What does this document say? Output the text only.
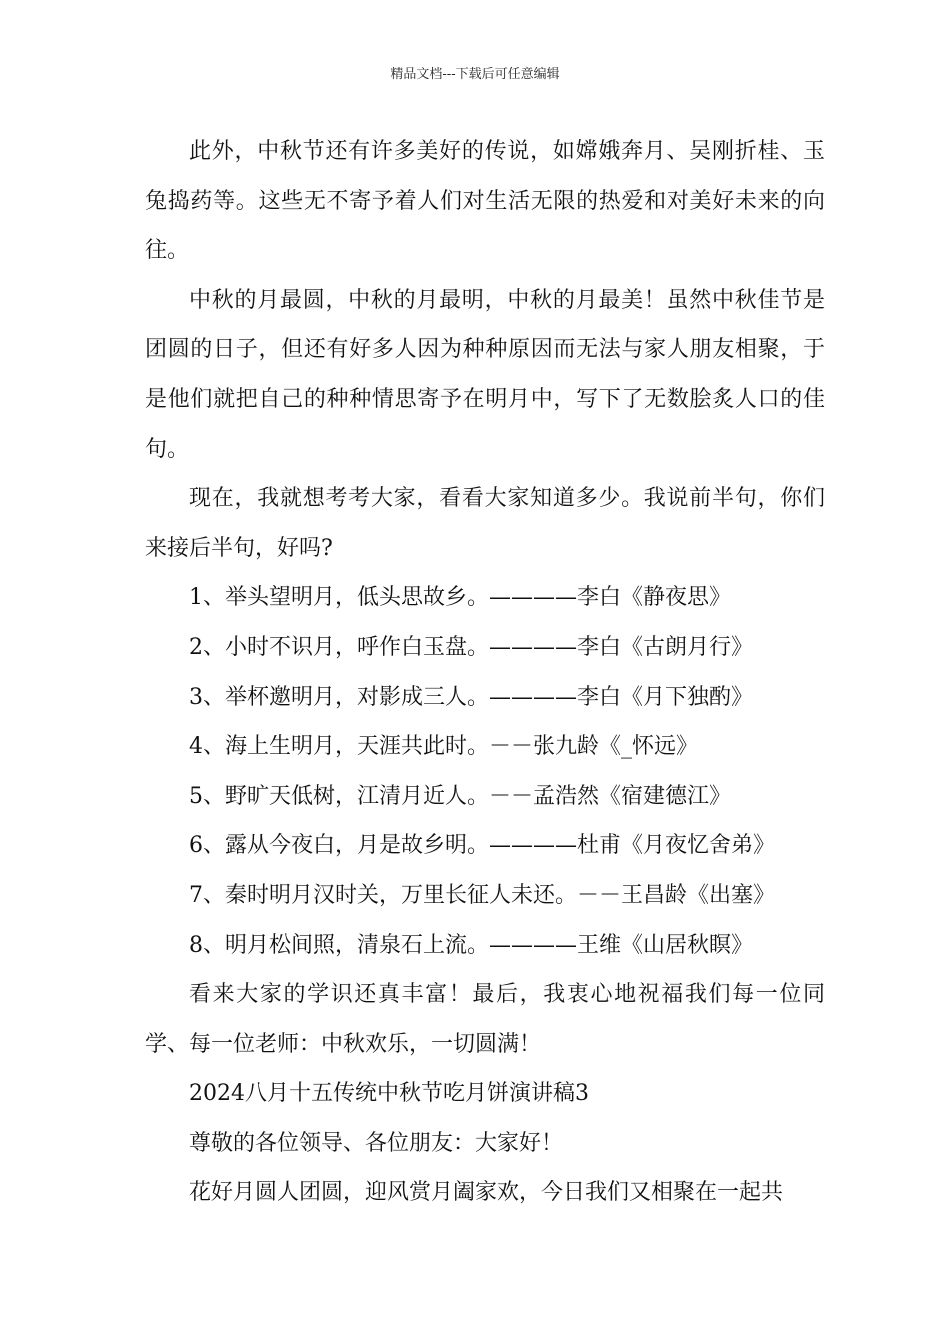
精品文档---下载后可任意编辑

此外，中秋节还有许多美好的传说，如嫦娥奔月、吴刚折桂、玉兔捣药等。这些无不寄予着人们对生活无限的热爱和对美好未来的向往。

中秋的月最圆，中秋的月最明，中秋的月最美！虽然中秋佳节是团圆的日子，但还有好多人因为种种原因而无法与家人朋友相聚，于是他们就把自己的种种情思寄予在明月中，写下了无数脍炙人口的佳句。

现在，我就想考考大家，看看大家知道多少。我说前半句，你们来接后半句，好吗?

1、举头望明月，低头思故乡。————李白《静夜思》

2、小时不识月，呼作白玉盘。————李白《古朗月行》

3、举杯邀明月，对影成三人。————李白《月下独酌》

4、海上生明月，天涯共此时。－－张九龄《_怀远》

5、野旷天低树，江清月近人。－－孟浩然《宿建德江》

6、露从今夜白，月是故乡明。————杜甫《月夜忆舍弟》

7、秦时明月汉时关，万里长征人未还。－－王昌龄《出塞》

8、明月松间照，清泉石上流。————王维《山居秋瞑》

看来大家的学识还真丰富！最后，我衷心地祝福我们每一位同学、每一位老师：中秋欢乐，一切圆满！

2024八月十五传统中秋节吃月饼演讲稿3

尊敬的各位领导、各位朋友：大家好！

花好月圆人团圆，迎风赏月阖家欢，今日我们又相聚在一起共
